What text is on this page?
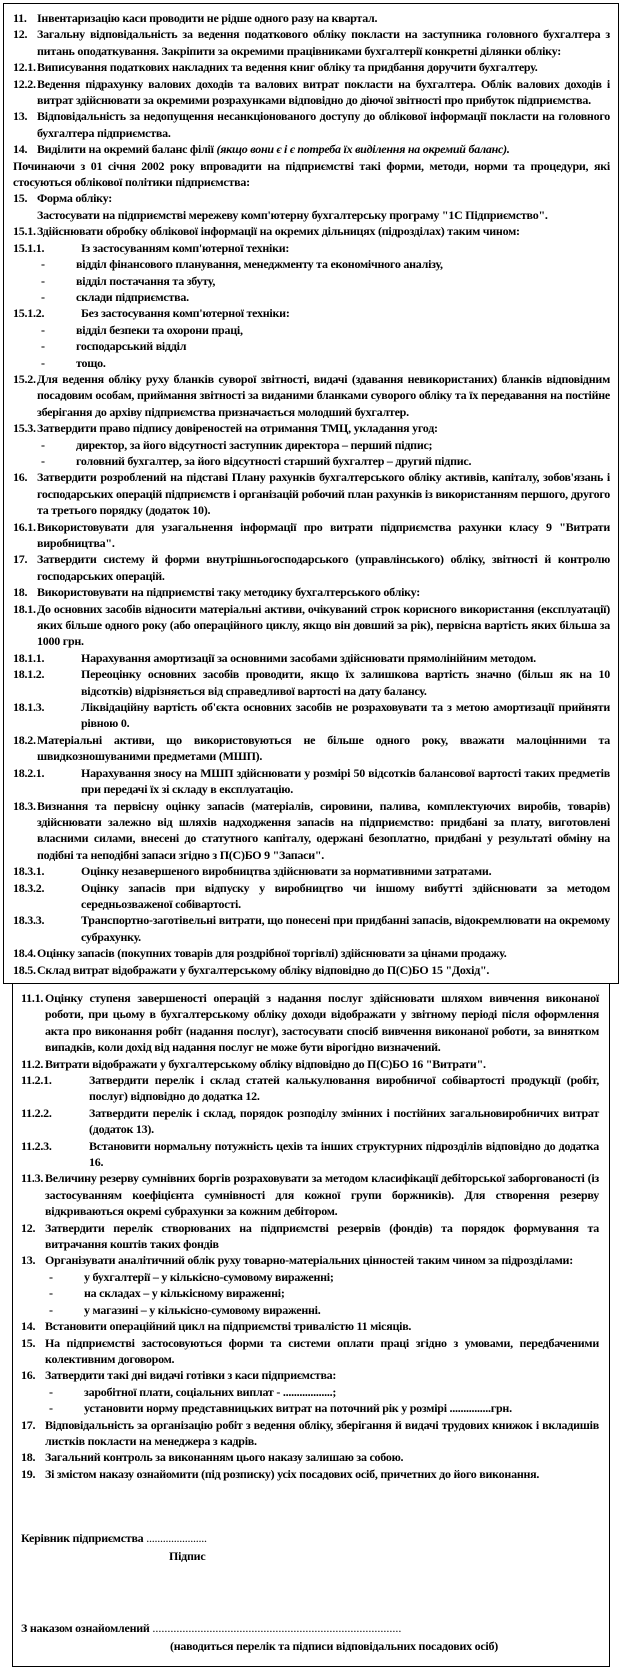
11. Інвентаризацію каси проводити не рідше одного разу на квартал.
12. Загальну відповідальність за ведення податкового обліку покласти на заступника головного бухгалтера з питань оподаткування. Закріпити за окремими працівниками бухгалтерії конкретні ділянки обліку:
12.1.Виписування податкових накладних та ведення книг обліку та придбання доручити бухгалтеру.
12.2.Ведення підрахунку валових доходів та валових витрат покласти на бухгалтера. Облік валових доходів і витрат здійснювати за окремими розрахунками відповідно до діючої звітності про прибуток підприємства.
13. Відповідальність за недопущення несанкціонованого доступу до облікової інформації покласти на головного бухгалтера підприємства.
14. Виділити на окремий баланс філії (якщо вони є і є потреба їх виділення на окремий баланс).
Починаючи з 01 січня 2002 року впровадити на підприємстві такі форми, методи, норми та процедури, які стосуються облікової політики підприємства:
15. Форма обліку:
Застосувати на підприємстві мережеву комп'ютерну бухгалтерську програму "1С Підприємство".
15.1.Здійснювати обробку облікової інформації на окремих дільницях (підрозділах) таким чином:
15.1.1.	Із застосуванням комп'ютерної техніки:
-	відділ фінансового планування, менеджменту та економічного аналізу,
-	відділ постачання та збуту,
-	склади підприємства.
15.1.2.	Без застосування комп'ютерної техніки:
-	відділ безпеки та охорони праці,
-	господарський відділ
-	тощо.
15.2.Для ведення обліку руху бланків суворої звітності, видачі (здавання невикористаних) бланків відповідним посадовим особам, приймання звітності за виданими бланками суворого обліку та їх передавання на постійне зберігання до архіву підприємства призначається молодший бухгалтер.
15.3.Затвердити право підпису довіреностей на отримання ТМЦ, укладання угод:
-	директор, за його відсутності заступник директора – перший підпис;
-	головний бухгалтер, за його відсутності старший бухгалтер – другий підпис.
16. Затвердити розроблений на підставі Плану рахунків бухгалтерського обліку активів, капіталу, зобов'язань і господарських операцій підприємств і організацій робочий план рахунків із використанням першого, другого та третього порядку (додаток 10).
16.1.Використовувати для узагальнення інформації про витрати підприємства рахунки класу 9 "Витрати виробництва".
17. Затвердити систему й форми внутрішньогосподарського (управлінського) обліку, звітності й контролю господарських операцій.
18. Використовувати на підприємстві таку методику бухгалтерського обліку:
18.1.До основних засобів відносити матеріальні активи, очікуваний строк корисного використання (експлуатації) яких більше одного року (або операційного циклу, якщо він довший за рік), первісна вартість яких більша за 1000 грн.
18.1.1.	Нарахування амортизації за основними засобами здійснювати прямолінійним методом.
18.1.2.	Переоцінку основних засобів проводити, якщо їх залишкова вартість значно (більш як на 10 відсотків) відрізняється від справедливої вартості на дату балансу.
18.1.3.	Ліквідаційну вартість об'єкта основних засобів не розраховувати та з метою амортизації прийняти рівною 0.
18.2.Матеріальні активи, що використовуються не більше одного року, вважати малоцінними та швидкозношуваними предметами (МШП).
18.2.1.	Нарахування зносу на МШП здійснювати у розмірі 50 відсотків балансової вартості таких предметів при передачі їх зі складу в експлуатацію.
18.3.Визнання та первісну оцінку запасів (матеріалів, сировини, палива, комплектуючих виробів, товарів) здійснювати залежно від шляхів надходження запасів на підприємство: придбані за плату, виготовлені власними силами, внесені до статутного капіталу, одержані безоплатно, придбані у результаті обміну на подібні та неподібні запаси згідно з П(С)БО 9 "Запаси".
18.3.1.	Оцінку незавершеного виробництва здійснювати за нормативними затратами.
18.3.2.	Оцінку запасів при відпуску у виробництво чи іншому вибутті здійснювати за методом середньозваженої собівартості.
18.3.3.	Транспортно-заготівельні витрати, що понесені при придбанні запасів, відокремлювати на окремому субрахунку.
18.4.Оцінку запасів (покупних товарів для роздрібної торгівлі) здійснювати за цінами продажу.
18.5.Склад витрат відображати у бухгалтерському обліку відповідно до П(С)БО 15 "Дохід".
11.1. Оцінку ступеня завершеності операцій з надання послуг здійснювати шляхом вивчення виконаної роботи, при цьому в бухгалтерському обліку доходи відображати у звітному періоді після оформлення акта про виконання робіт (надання послуг), застосувати спосіб вивчення виконаної роботи, за винятком випадків, коли дохід від надання послуг не може бути вірогідно визначений.
11.2. Витрати відображати у бухгалтерському обліку відповідно до П(С)БО 16 "Витрати".
11.2.1.	Затвердити перелік і склад статей калькулювання виробничої собівартості продукції (робіт, послуг) відповідно до додатка 12.
11.2.2.	Затвердити перелік і склад, порядок розподілу змінних і постійних загальновиробничих витрат (додаток 13).
11.2.3.	Встановити нормальну потужність цехів та інших структурних підрозділів відповідно до додатка 16.
11.3. Величину резерву сумнівних боргів розраховувати за методом класифікації дебіторської заборгованості (із застосуванням коефіцієнта сумнівності для кожної групи боржників). Для створення резерву відкриваються окремі субрахунки за кожним дебітором.
12. Затвердити перелік створюваних на підприємстві резервів (фондів) та порядок формування та витрачання коштів таких фондів
13. Організувати аналітичний облік руху товарно-матеріальних цінностей таким чином за підрозділами:
-	у бухгалтерії – у кількісно-сумовому вираженні;
-	на складах – у кількісному вираженні;
-	у магазині – у кількісно-сумовому вираженні.
14. Встановити операційний цикл на підприємстві тривалістю 11 місяців.
15. На підприємстві застосовуються форми та системи оплати праці згідно з умовами, передбаченими колективним договором.
16. Затвердити такі дні видачі готівки з каси підприємства:
-	заробітної плати, соціальних виплат - ..................;
-	установити норму представницьких витрат на поточний рік у розмірі ...............грн.
17. Відповідальність за організацію робіт з ведення обліку, зберігання й видачі трудових книжок і вкладишів листків покласти на менеджера з кадрів.
18. Загальний контроль за виконанням цього наказу залишаю за собою.
19. Зі змістом наказу ознайомити (під розписку) усіх посадових осіб, причетних до його виконання.
Керівник підприємства ......................
Підпис
З наказом ознайомлений ...................................................................................
(наводиться перелік та підписи відповідальних посадових осіб)
